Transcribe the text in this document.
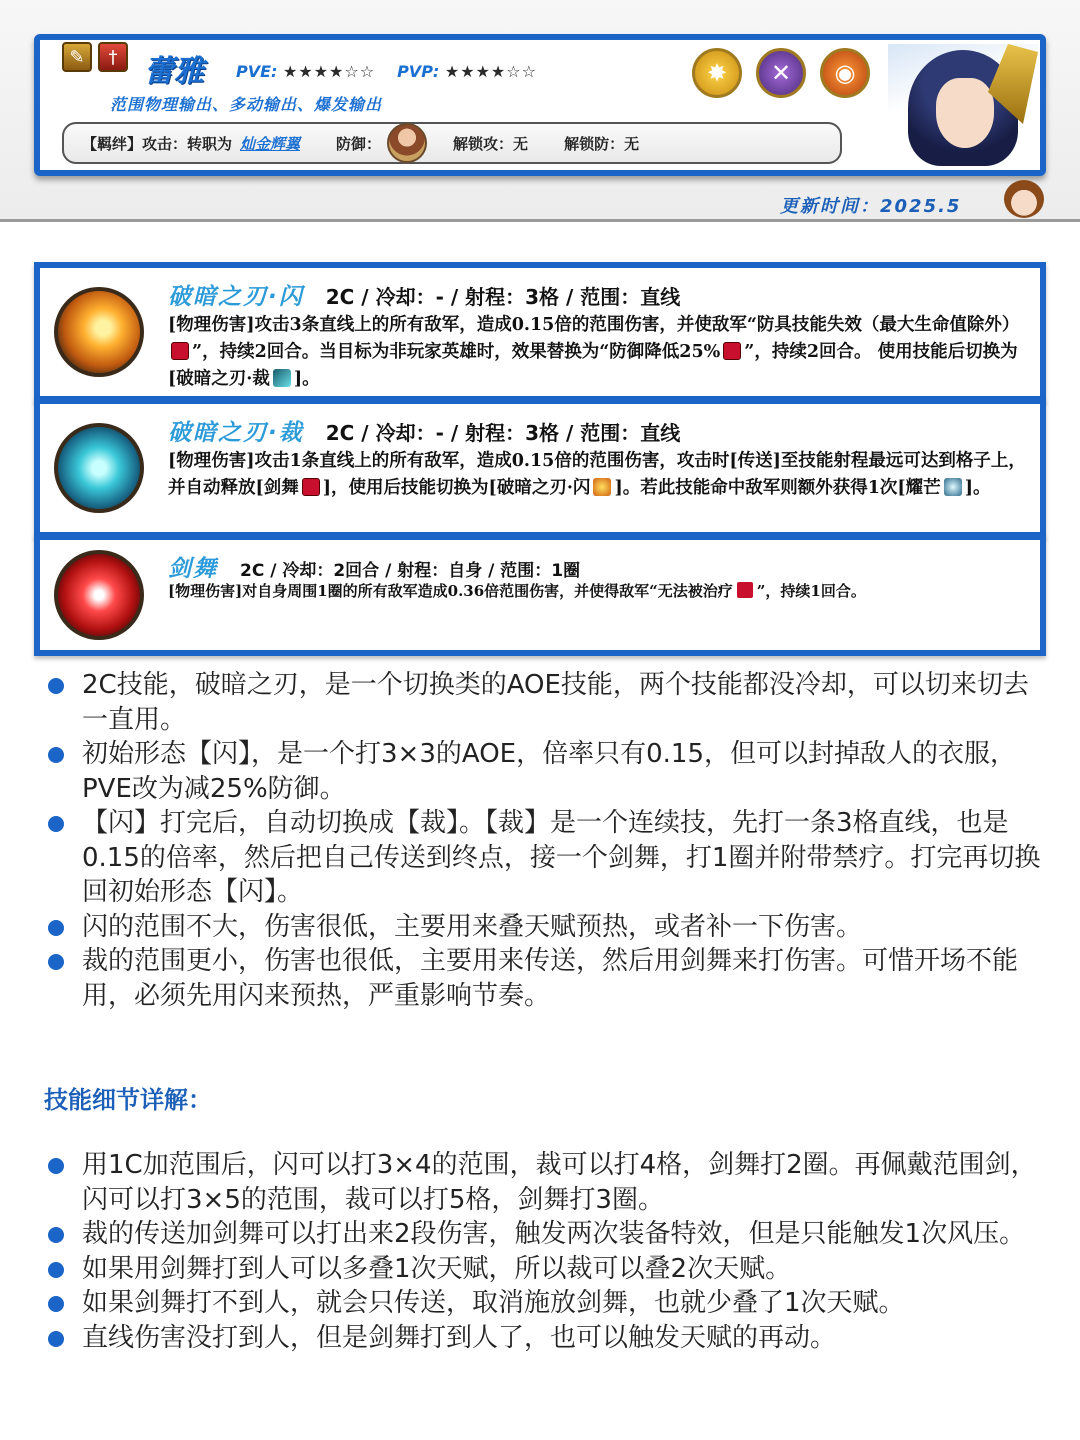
✎	† 蕾雅 PVE: ★★★★☆☆ PVP: ★★★★☆☆
范围物理输出、多动输出、爆发输出
【羁绊】攻击：转职为 灿金辉翼 防御：	解锁攻：无 解锁防：无
✸	✕	◉
更新时间：2025.5
破暗之刃·闪 2C / 冷却：- / 射程：3格 / 范围：直线
[物理伤害]攻击3条直线上的所有敌军，造成0.15倍的范围伤害，并使敌军“防具技能失效（最大生命值除外）”，持续2回合。当目标为非玩家英雄时，效果替换为“防御降低25% ”，持续2回合。 使用技能后切换为[破暗之刃·裁 ]。
破暗之刃·裁 2C / 冷却：- / 射程：3格 / 范围：直线
[物理伤害]攻击1条直线上的所有敌军，造成0.15倍的范围伤害，攻击时[传送]至技能射程最远可达到格子上，并自动释放[剑舞 ]，使用后技能切换为[破暗之刃·闪 ]。若此技能命中敌军则额外获得1次[耀芒 ]。
剑舞 2C / 冷却：2回合 / 射程：自身 / 范围：1圈
[物理伤害]对自身周围1圈的所有敌军造成0.36倍范围伤害，并使得敌军“无法被治疗 ”，持续1回合。
2C技能，破暗之刃，是一个切换类的AOE技能，两个技能都没冷却，可以切来切去一直用。
初始形态【闪】，是一个打3×3的AOE，倍率只有0.15，但可以封掉敌人的衣服，PVE改为减25%防御。
【闪】打完后，自动切换成【裁】。【裁】是一个连续技，先打一条3格直线，也是0.15的倍率，然后把自己传送到终点，接一个剑舞，打1圈并附带禁疗。打完再切换回初始形态【闪】。
闪的范围不大，伤害很低，主要用来叠天赋预热，或者补一下伤害。
裁的范围更小，伤害也很低，主要用来传送，然后用剑舞来打伤害。可惜开场不能用，必须先用闪来预热，严重影响节奏。
技能细节详解：
用1C加范围后，闪可以打3×4的范围，裁可以打4格，剑舞打2圈。再佩戴范围剑，闪可以打3×5的范围，裁可以打5格，剑舞打3圈。
裁的传送加剑舞可以打出来2段伤害，触发两次装备特效，但是只能触发1次风压。
如果用剑舞打到人可以多叠1次天赋，所以裁可以叠2次天赋。
如果剑舞打不到人，就会只传送，取消施放剑舞，也就少叠了1次天赋。
直线伤害没打到人，但是剑舞打到人了，也可以触发天赋的再动。
